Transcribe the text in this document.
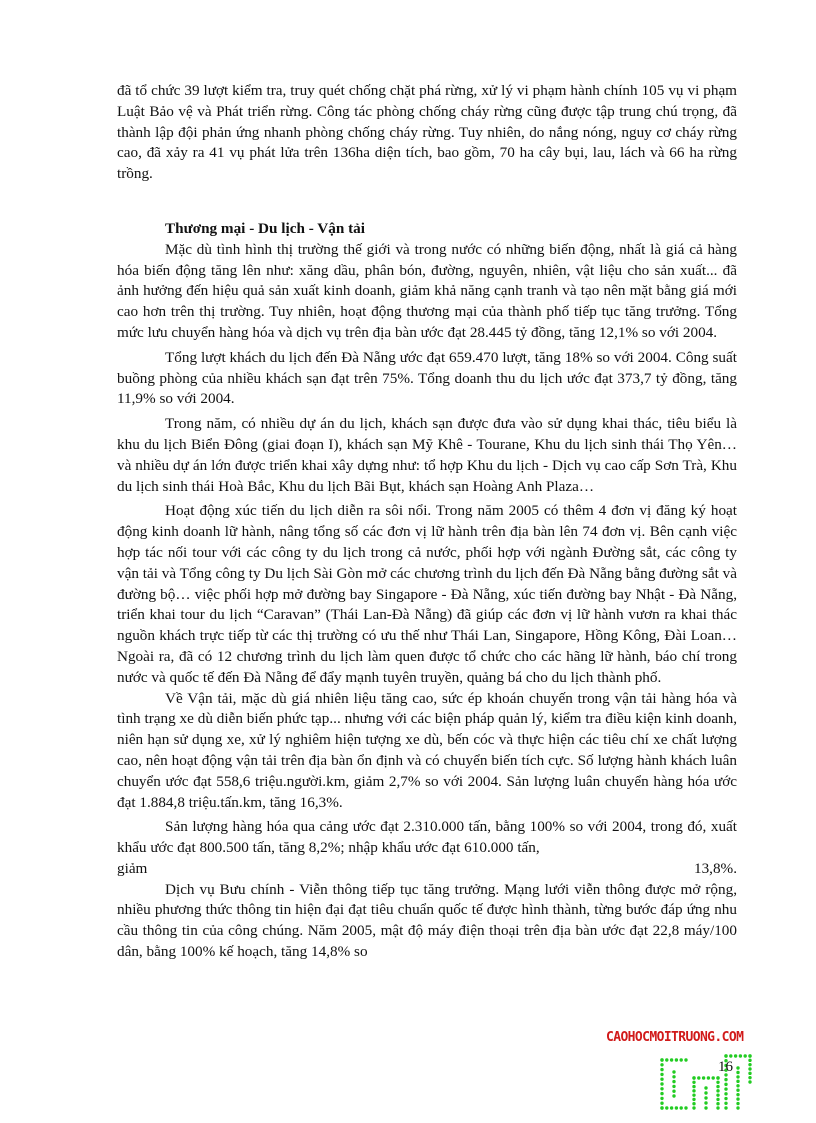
đã tổ chức 39 lượt kiểm tra, truy quét chống chặt phá rừng, xử lý vi phạm hành chính 105 vụ vi phạm Luật Bảo vệ và Phát triển rừng. Công tác phòng chống cháy rừng cũng được tập trung chú trọng, đã thành lập đội phản ứng nhanh phòng chống cháy rừng. Tuy nhiên, do nắng nóng, nguy cơ cháy rừng cao, đã xảy ra 41 vụ phát lửa trên 136ha diện tích, bao gồm, 70 ha cây bụi, lau, lách và 66 ha rừng trồng.

Thương mại - Du lịch - Vận tải

Mặc dù tình hình thị trường thế giới và trong nước có những biến động, nhất là giá cả hàng hóa biến động tăng lên như: xăng dầu, phân bón, đường, nguyên, nhiên, vật liệu cho sản xuất... đã ảnh hưởng đến hiệu quả sản xuất kinh doanh, giảm khả năng cạnh tranh và tạo nên mặt bằng giá mới cao hơn trên thị trường. Tuy nhiên, hoạt động thương mại của thành phố tiếp tục tăng trưởng. Tổng mức lưu chuyển hàng hóa và dịch vụ trên địa bàn ước đạt 28.445 tỷ đồng, tăng 12,1% so với 2004.

Tổng lượt khách du lịch đến Đà Nẵng ước đạt 659.470 lượt, tăng 18% so với 2004. Công suất buồng phòng của nhiều khách sạn đạt trên 75%. Tổng doanh thu du lịch ước đạt 373,7 tỷ đồng, tăng 11,9% so với 2004.

Trong năm, có nhiều dự án du lịch, khách sạn được đưa vào sử dụng khai thác, tiêu biểu là khu du lịch Biển Đông (giai đoạn I), khách sạn Mỹ Khê - Tourane, Khu du lịch sinh thái Thọ Yên… và nhiều dự án lớn được triển khai xây dựng như: tổ hợp Khu du lịch - Dịch vụ cao cấp Sơn Trà, Khu du lịch sinh thái Hoà Bắc, Khu du lịch Bãi Bụt, khách sạn Hoàng Anh Plaza…

Hoạt động xúc tiến du lịch diễn ra sôi nổi. Trong năm 2005 có thêm 4 đơn vị đăng ký hoạt động kinh doanh lữ hành, nâng tổng số các đơn vị lữ hành trên địa bàn lên 74 đơn vị. Bên cạnh việc hợp tác nối tour với các công ty du lịch trong cả nước, phối hợp với ngành Đường sắt, các công ty vận tải và Tổng công ty Du lịch Sài Gòn mở các chương trình du lịch đến Đà Nẵng bằng đường sắt và đường bộ… việc phối hợp mở đường bay Singapore - Đà Nẵng, xúc tiến đường bay Nhật - Đà Nẵng, triển khai tour du lịch “Caravan” (Thái Lan-Đà Nẵng) đã giúp các đơn vị lữ hành vươn ra khai thác nguồn khách trực tiếp từ các thị trường có ưu thế như Thái Lan, Singapore, Hồng Kông, Đài Loan… Ngoài ra, đã có 12 chương trình du lịch làm quen được tổ chức cho các hãng lữ hành, báo chí trong nước và quốc tế đến Đà Nẵng để đẩy mạnh tuyên truyền, quảng bá cho du lịch thành phố.

Về Vận tải, mặc dù giá nhiên liệu tăng cao, sức ép khoán chuyến trong vận tải hàng hóa và tình trạng xe dù diễn biến phức tạp... nhưng với các biện pháp quản lý, kiểm tra điều kiện kinh doanh, niên hạn sử dụng xe, xử lý nghiêm hiện tượng xe dù, bến cóc và thực hiện các tiêu chí xe chất lượng cao, nên hoạt động vận tải trên địa bàn ổn định và có chuyển biến tích cực. Số lượng hành khách luân chuyển ước đạt 558,6 triệu.người.km, giảm 2,7% so với 2004. Sản lượng luân chuyển hàng hóa ước đạt 1.884,8 triệu.tấn.km, tăng 16,3%.

Sản lượng hàng hóa qua cảng ước đạt 2.310.000 tấn, bằng 100% so với 2004, trong đó, xuất khẩu ước đạt 800.500 tấn, tăng 8,2%; nhập khẩu ước đạt 610.000 tấn,

giảm	13,8%.

Dịch vụ Bưu chính - Viễn thông tiếp tục tăng trưởng. Mạng lưới viễn thông được mở rộng, nhiều phương thức thông tin hiện đại đạt tiêu chuẩn quốc tế được hình thành, từng bước đáp ứng nhu cầu thông tin của công chúng. Năm 2005, mật độ máy điện thoại trên địa bàn ước đạt 22,8 máy/100 dân, bằng 100% kế hoạch, tăng 14,8% so

CAOHOCMOITRUONG.COM
16
